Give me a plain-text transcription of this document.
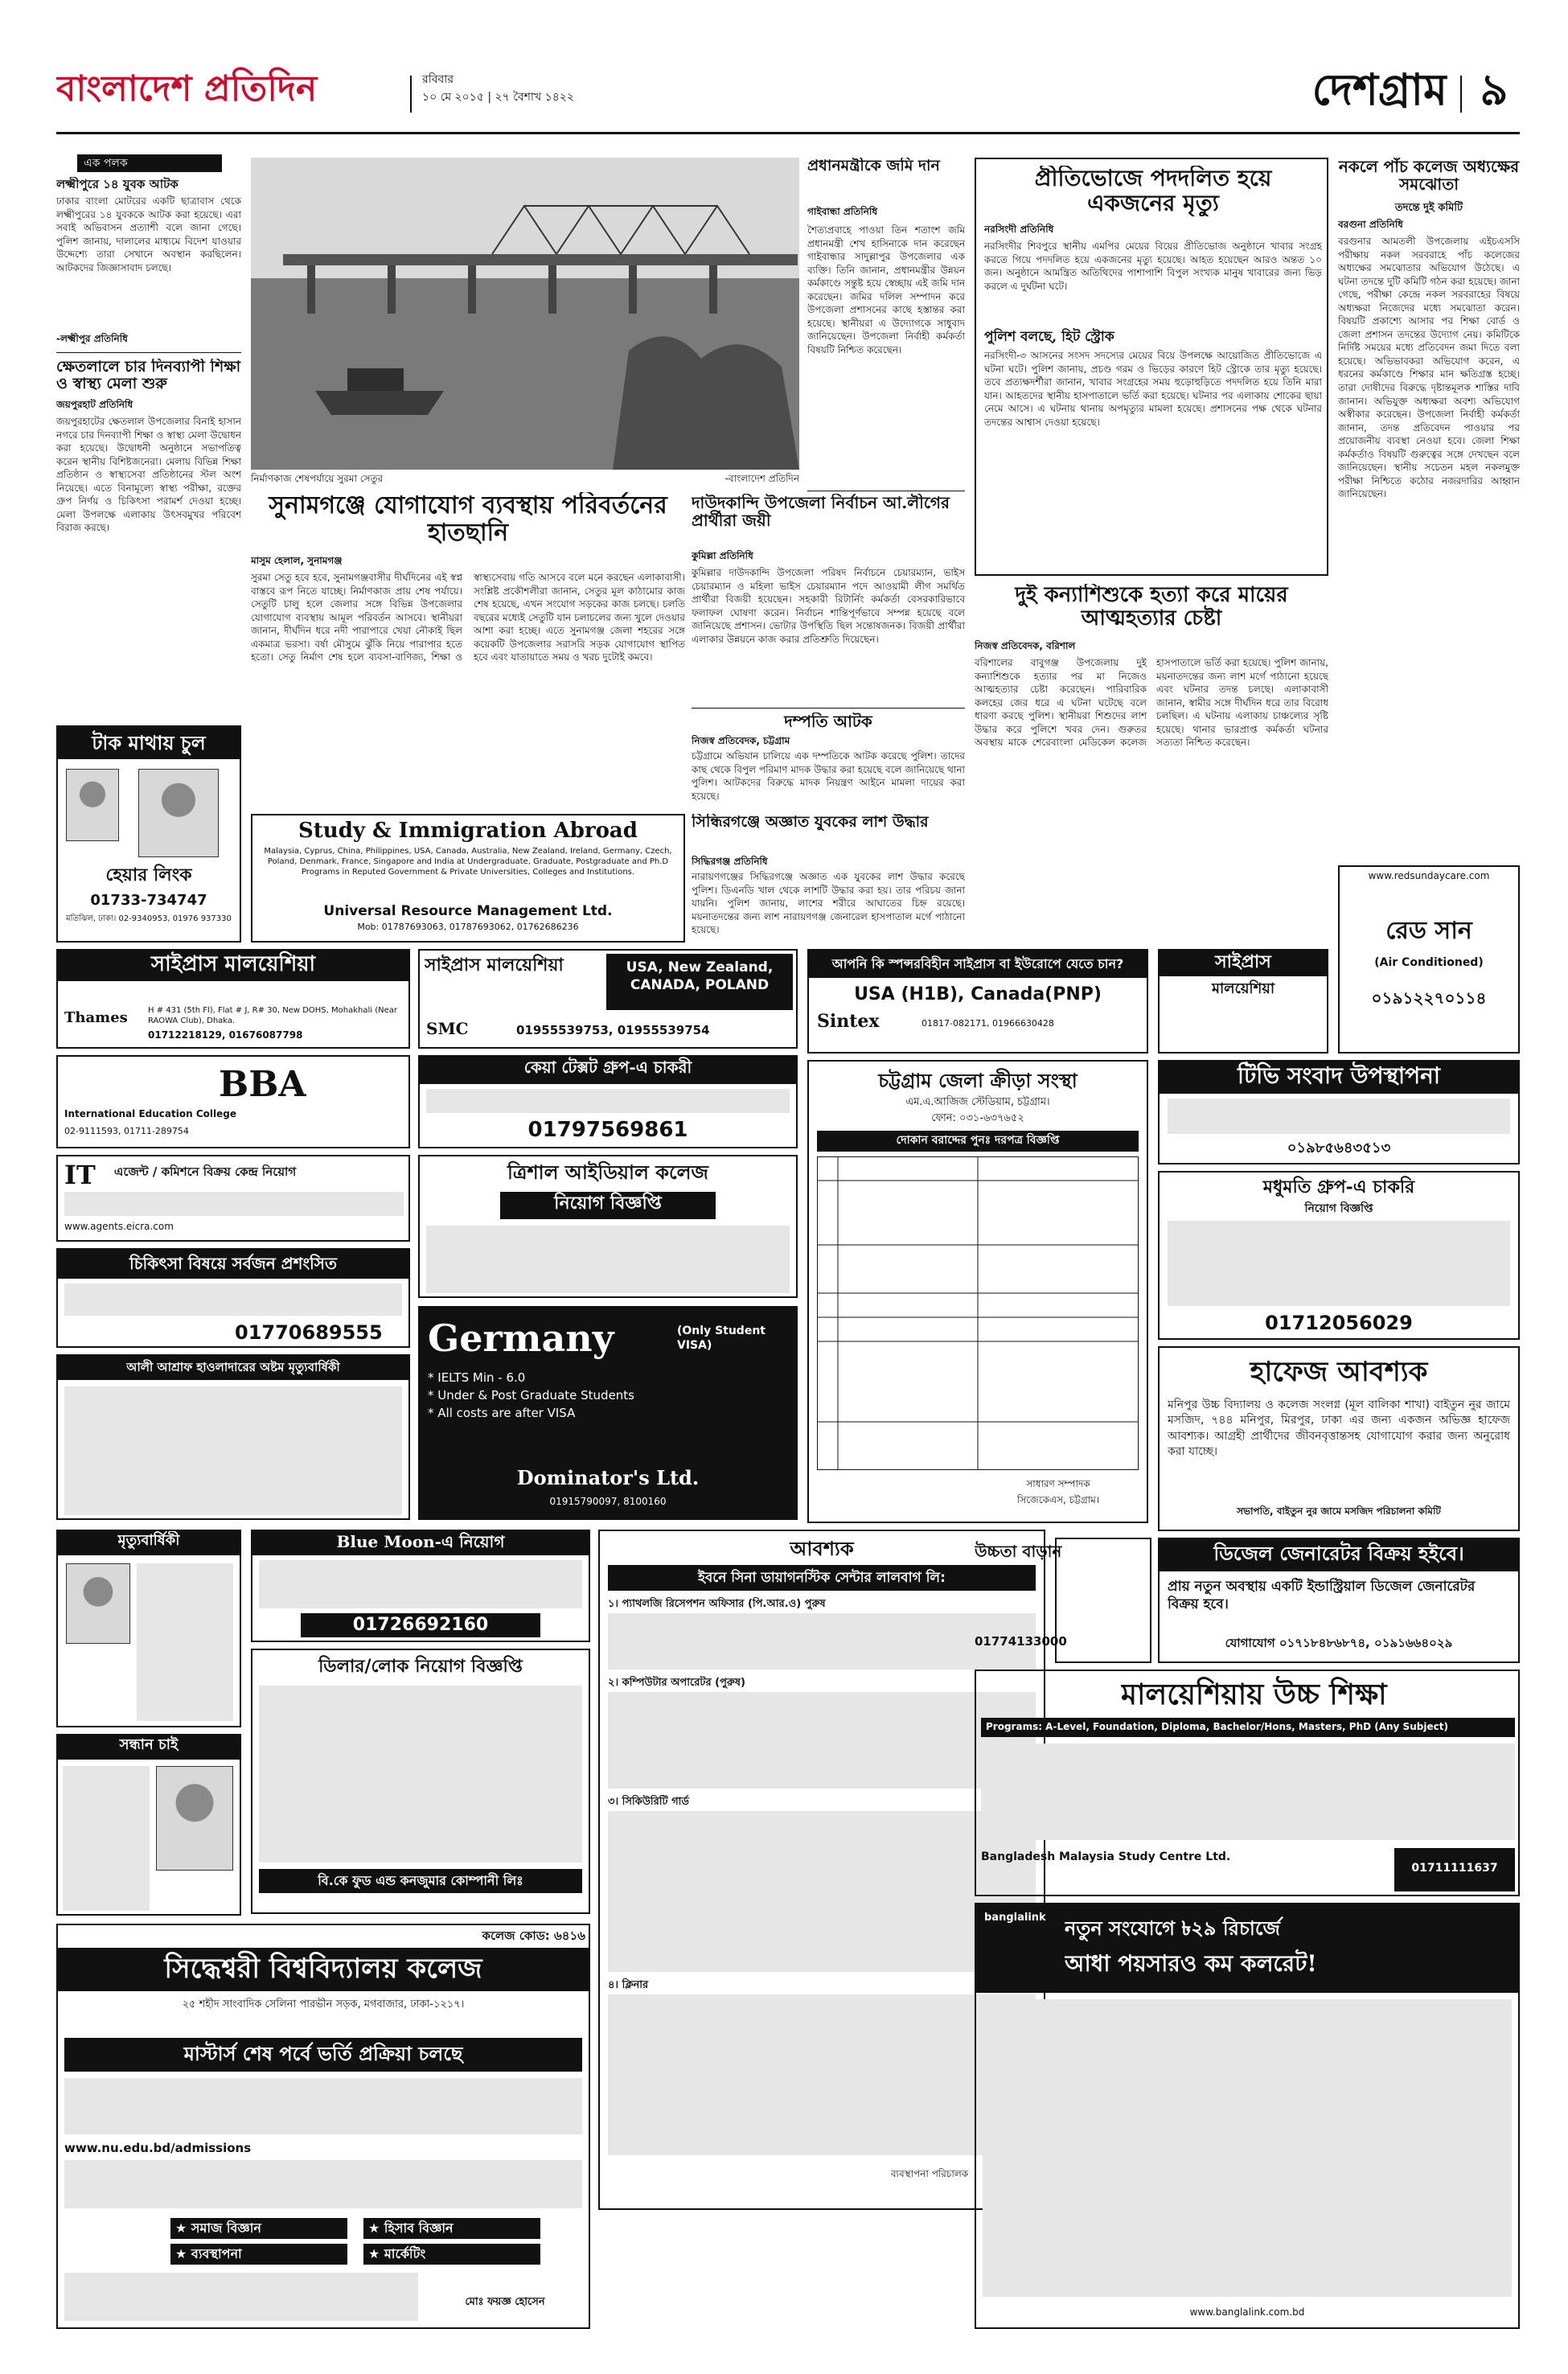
বাংলাদেশ প্রতিদিন	রবিবার
১০ মে ২০১৫ | ২৭ বৈশাখ ১৪২২	দেশগ্রাম ৯
এক পলক
লক্ষ্মীপুরে ১৪ যুবক আটক
ঢাকার বাংলা মোটরের একটি ছাত্রাবাস থেকে লক্ষ্মীপুরের ১৪ যুবককে আটক করা হয়েছে। এরা সবাই অভিবাসন প্রত্যাশী বলে জানা গেছে। পুলিশ জানায়, দালালের মাধ্যমে বিদেশ যাওয়ার উদ্দেশ্যে তারা সেখানে অবস্থান করছিলেন। আটকদের জিজ্ঞাসাবাদ চলছে।
-লক্ষ্মীপুর প্রতিনিধি
ক্ষেতলালে চার দিনব্যাপী শিক্ষা ও স্বাস্থ্য মেলা শুরু
জয়পুরহাট প্রতিনিধি
জয়পুরহাটের ক্ষেতলাল উপজেলার বিনাই হাসান নগরে চার দিনব্যাপী শিক্ষা ও স্বাস্থ্য মেলা উদ্বোধন করা হয়েছে। উদ্বোধনী অনুষ্ঠানে সভাপতিত্ব করেন স্থানীয় বিশিষ্টজনেরা। মেলায় বিভিন্ন শিক্ষা প্রতিষ্ঠান ও স্বাস্থ্যসেবা প্রতিষ্ঠানের স্টল অংশ নিয়েছে। এতে বিনামূল্যে স্বাস্থ্য পরীক্ষা, রক্তের গ্রুপ নির্ণয় ও চিকিৎসা পরামর্শ দেওয়া হচ্ছে। মেলা উপলক্ষে এলাকায় উৎসবমুখর পরিবেশ বিরাজ করছে।
নির্মাণকাজ শেষপর্যায়ে সুরমা সেতুর	-বাংলাদেশ প্রতিদিন
সুনামগঞ্জে যোগাযোগ ব্যবস্থায় পরিবর্তনের হাতছানি
মাসুম হেলাল, সুনামগঞ্জ
সুরমা সেতু হবে হবে, সুনামগঞ্জবাসীর দীর্ঘদিনের এই স্বপ্ন বাস্তবে রূপ নিতে যাচ্ছে। নির্মাণকাজ প্রায় শেষ পর্যায়ে। সেতুটি চালু হলে জেলার সঙ্গে বিভিন্ন উপজেলার যোগাযোগ ব্যবস্থায় আমূল পরিবর্তন আসবে। স্থানীয়রা জানান, দীর্ঘদিন ধরে নদী পারাপারে খেয়া নৌকাই ছিল একমাত্র ভরসা। বর্ষা মৌসুমে ঝুঁকি নিয়ে পারাপার হতে হতো। সেতু নির্মাণ শেষ হলে ব্যবসা-বাণিজ্য, শিক্ষা ও স্বাস্থ্যসেবায় গতি আসবে বলে মনে করছেন এলাকাবাসী। সংশ্লিষ্ট প্রকৌশলীরা জানান, সেতুর মূল কাঠামোর কাজ শেষ হয়েছে, এখন সংযোগ সড়কের কাজ চলছে। চলতি বছরের মধ্যেই সেতুটি যান চলাচলের জন্য খুলে দেওয়ার আশা করা হচ্ছে। এতে সুনামগঞ্জ জেলা শহরের সঙ্গে কয়েকটি উপজেলার সরাসরি সড়ক যোগাযোগ স্থাপিত হবে এবং যাতায়াতে সময় ও খরচ দুটোই কমবে।
প্রধানমন্ত্রীকে জমি দান
গাইবান্ধা প্রতিনিধি
শৈত্যপ্রবাহে পাওয়া তিন শতাংশ জমি প্রধানমন্ত্রী শেখ হাসিনাকে দান করেছেন গাইবান্ধার সাদুল্লাপুর উপজেলার এক ব্যক্তি। তিনি জানান, প্রধানমন্ত্রীর উন্নয়ন কর্মকাণ্ডে সন্তুষ্ট হয়ে স্বেচ্ছায় এই জমি দান করেছেন। জমির দলিল সম্পাদন করে উপজেলা প্রশাসনের কাছে হস্তান্তর করা হয়েছে। স্থানীয়রা এ উদ্যোগকে সাধুবাদ জানিয়েছেন। উপজেলা নির্বাহী কর্মকর্তা বিষয়টি নিশ্চিত করেছেন।
দাউদকান্দি উপজেলা নির্বাচন আ.লীগের প্রার্থীরা জয়ী
কুমিল্লা প্রতিনিধি
কুমিল্লার দাউদকান্দি উপজেলা পরিষদ নির্বাচনে চেয়ারম্যান, ভাইস চেয়ারম্যান ও মহিলা ভাইস চেয়ারম্যান পদে আওয়ামী লীগ সমর্থিত প্রার্থীরা বিজয়ী হয়েছেন। সহকারী রিটার্নিং কর্মকর্তা বেসরকারিভাবে ফলাফল ঘোষণা করেন। নির্বাচন শান্তিপূর্ণভাবে সম্পন্ন হয়েছে বলে জানিয়েছে প্রশাসন। ভোটার উপস্থিতি ছিল সন্তোষজনক। বিজয়ী প্রার্থীরা এলাকার উন্নয়নে কাজ করার প্রতিশ্রুতি দিয়েছেন।
দম্পতি আটক
নিজস্ব প্রতিবেদক, চট্টগ্রাম
চট্টগ্রামে অভিযান চালিয়ে এক দম্পতিকে আটক করেছে পুলিশ। তাদের কাছ থেকে বিপুল পরিমাণ মাদক উদ্ধার করা হয়েছে বলে জানিয়েছে থানা পুলিশ। আটকদের বিরুদ্ধে মাদক নিয়ন্ত্রণ আইনে মামলা দায়ের করা হয়েছে।
প্রীতিভোজে পদদলিত হয়ে একজনের মৃত্যু
নরসিংদী প্রতিনিধি
নরসিংদীর শিবপুরে স্থানীয় এমপির মেয়ের বিয়ের প্রীতিভোজ অনুষ্ঠানে খাবার সংগ্রহ করতে গিয়ে পদদলিত হয়ে একজনের মৃত্যু হয়েছে। আহত হয়েছেন আরও অন্তত ১০ জন। অনুষ্ঠানে আমন্ত্রিত অতিথিদের পাশাপাশি বিপুল সংখ্যক মানুষ খাবারের জন্য ভিড় করলে এ দুর্ঘটনা ঘটে।
পুলিশ বলছে, হিট স্ট্রোক
নরসিংদী-৩ আসনের সংসদ সদস্যের মেয়ের বিয়ে উপলক্ষে আয়োজিত প্রীতিভোজে এ ঘটনা ঘটে। পুলিশ জানায়, প্রচণ্ড গরম ও ভিড়ের কারণে হিট স্ট্রোকে তার মৃত্যু হয়েছে। তবে প্রত্যক্ষদর্শীরা জানান, খাবার সংগ্রহের সময় হুড়োহুড়িতে পদদলিত হয়ে তিনি মারা যান। আহতদের স্থানীয় হাসপাতালে ভর্তি করা হয়েছে। ঘটনার পর এলাকায় শোকের ছায়া নেমে আসে। এ ঘটনায় থানায় অপমৃত্যুর মামলা হয়েছে। প্রশাসনের পক্ষ থেকে ঘটনার তদন্তের আশ্বাস দেওয়া হয়েছে।
দুই কন্যাশিশুকে হত্যা করে মায়ের আত্মহত্যার চেষ্টা
নিজস্ব প্রতিবেদক, বরিশাল
বরিশালের বাবুগঞ্জ উপজেলায় দুই কন্যাশিশুকে হত্যার পর মা নিজেও আত্মহত্যার চেষ্টা করেছেন। পারিবারিক কলহের জের ধরে এ ঘটনা ঘটেছে বলে ধারণা করছে পুলিশ। স্থানীয়রা শিশুদের লাশ উদ্ধার করে পুলিশে খবর দেন। গুরুতর অবস্থায় মাকে শেরেবাংলা মেডিকেল কলেজ হাসপাতালে ভর্তি করা হয়েছে। পুলিশ জানায়, ময়নাতদন্তের জন্য লাশ মর্গে পাঠানো হয়েছে এবং ঘটনার তদন্ত চলছে। এলাকাবাসী জানান, স্বামীর সঙ্গে দীর্ঘদিন ধরে তার বিরোধ চলছিল। এ ঘটনায় এলাকায় চাঞ্চল্যের সৃষ্টি হয়েছে। থানার ভারপ্রাপ্ত কর্মকর্তা ঘটনার সত্যতা নিশ্চিত করেছেন।
নকলে পাঁচ কলেজ অধ্যক্ষের সমঝোতা
তদন্তে দুই কমিটি
বরগুনা প্রতিনিধি
বরগুনার আমতলী উপজেলায় এইচএসসি পরীক্ষায় নকল সরবরাহে পাঁচ কলেজের অধ্যক্ষের সমঝোতার অভিযোগ উঠেছে। এ ঘটনা তদন্তে দুটি কমিটি গঠন করা হয়েছে। জানা গেছে, পরীক্ষা কেন্দ্রে নকল সরবরাহের বিষয়ে অধ্যক্ষরা নিজেদের মধ্যে সমঝোতা করেন। বিষয়টি প্রকাশ্যে আসার পর শিক্ষা বোর্ড ও জেলা প্রশাসন তদন্তের উদ্যোগ নেয়। কমিটিকে নির্দিষ্ট সময়ের মধ্যে প্রতিবেদন জমা দিতে বলা হয়েছে। অভিভাবকরা অভিযোগ করেন, এ ধরনের কর্মকাণ্ডে শিক্ষার মান ক্ষতিগ্রস্ত হচ্ছে। তারা দোষীদের বিরুদ্ধে দৃষ্টান্তমূলক শাস্তির দাবি জানান। অভিযুক্ত অধ্যক্ষরা অবশ্য অভিযোগ অস্বীকার করেছেন। উপজেলা নির্বাহী কর্মকর্তা জানান, তদন্ত প্রতিবেদন পাওয়ার পর প্রয়োজনীয় ব্যবস্থা নেওয়া হবে। জেলা শিক্ষা কর্মকর্তাও বিষয়টি গুরুত্বের সঙ্গে দেখছেন বলে জানিয়েছেন। স্থানীয় সচেতন মহল নকলমুক্ত পরীক্ষা নিশ্চিতে কঠোর নজরদারির আহ্বান জানিয়েছেন।
টাক মাথায় চুল
হেয়ার লিংক
01733-734747
মতিঝিল, ঢাকা। 02-9340953, 01976 937330
Study & Immigration Abroad
Malaysia, Cyprus, China, Philippines, USA, Canada, Australia, New Zealand, Ireland, Germany, Czech, Poland, Denmark, France, Singapore and India at Undergraduate, Graduate, Postgraduate and Ph.D Programs in Reputed Government & Private Universities, Colleges and Institutions.
Universal Resource Management Ltd.
Mob: 01787693063, 01787693062, 01762686236
সিন্ধিরগঞ্জে অজ্ঞাত যুবকের লাশ উদ্ধার
সিদ্ধিরগঞ্জ প্রতিনিধি
নারায়ণগঞ্জের সিদ্ধিরগঞ্জে অজ্ঞাত এক যুবকের লাশ উদ্ধার করেছে পুলিশ। ডিএনডি খাল থেকে লাশটি উদ্ধার করা হয়। তার পরিচয় জানা যায়নি। পুলিশ জানায়, লাশের শরীরে আঘাতের চিহ্ন রয়েছে। ময়নাতদন্তের জন্য লাশ নারায়ণগঞ্জ জেনারেল হাসপাতাল মর্গে পাঠানো হয়েছে।
আপনি কি স্পন্সরবিহীন সাইপ্রাস বা ইউরোপে যেতে চান?
USA (H1B), Canada(PNP)
Sintex	01817-082171, 01966630428
সাইপ্রাস
মালয়েশিয়া
www.redsundaycare.com
রেড সান
(Air Conditioned)
০১৯১২২৭০১১৪
সাইপ্রাস মালয়েশিয়া
Thames	H # 431 (5th Fl), Flat # J, R# 30, New DOHS, Mohakhali (Near RAOWA Club), Dhaka.
01712218129, 01676087798
সাইপ্রাস মালয়েশিয়া	USA, New Zealand, CANADA, POLAND
SMC	01955539753, 01955539754
BBA
International Education College
02-9111593, 01711-289754
কেয়া টেক্সট গ্রুপ-এ চাকরী
01797569861
চট্টগ্রাম জেলা ক্রীড়া সংস্থা
এম.এ.আজিজ স্টেডিয়াম, চট্টগ্রাম।
ফোন: ০৩১-৬৩৭৬৫২
দোকান বরাদ্দের পুনঃ দরপত্র বিজ্ঞপ্তি
সাধারণ সম্পাদক
সিজেকেএস, চট্টগ্রাম।
টিভি সংবাদ উপস্থাপনা
০১৯৮৫৬৪৩৫১৩
IT	এজেন্ট / কমিশনে বিক্রয় কেন্দ্র নিয়োগ
www.agents.eicra.com
ত্রিশাল আইডিয়াল কলেজ
নিয়োগ বিজ্ঞপ্তি
মধুমতি গ্রুপ-এ চাকরি
নিয়োগ বিজ্ঞপ্তি
01712056029
চিকিৎসা বিষয়ে সর্বজন প্রশংসিত
01770689555	Germany	(Only Student VISA)
* IELTS Min - 6.0
* Under & Post Graduate Students
* All costs are after VISA
Dominator's Ltd.
01915790097, 8100160
হাফেজ আবশ্যক
মনিপুর উচ্চ বিদ্যালয় ও কলেজ সংলগ্ন (মূল বালিকা শাখা) বাইতুন নুর জামে মসজিদ, ৭৪৪ মনিপুর, মিরপুর, ঢাকা এর জন্য একজন অভিজ্ঞ হাফেজ আবশ্যক। আগ্রহী প্রার্থীদের জীবনবৃত্তান্তসহ যোগাযোগ করার জন্য অনুরোধ করা যাচ্ছে।
সভাপতি, বাইতুন নুর জামে মসজিদ পরিচালনা কমিটি
আলী আশ্রাফ হাওলাদারের অষ্টম মৃত্যুবার্ষিকী
ডিজেল জেনারেটর বিক্রয় হইবে।
প্রায় নতুন অবস্থায় একটি ইন্ডাস্ট্রিয়াল ডিজেল জেনারেটর বিক্রয় হবে।
যোগাযোগ ০১৭১৮৪৮৬৮৭৪, ০১৯১৬৬৪০২৯
মৃত্যুবার্ষিকী	Blue Moon-এ নিয়োগ
01726692160
আবশ্যক
ইবনে সিনা ডায়াগনস্টিক সেন্টার লালবাগ লি:
১। প্যাথলজি রিসেপশন অফিসার (পি.আর.ও) পুরুষ
২। কম্পিউটার অপারেটর (পুরুষ)
৩। সিকিউরিটি গার্ড
৪। ক্লিনার
ব্যবস্থাপনা পরিচালক
উচ্চতা বাড়ান
01774133000
মালয়েশিয়ায় উচ্চ শিক্ষা
Programs: A-Level, Foundation, Diploma, Bachelor/Hons, Masters, PhD (Any Subject)
Bangladesh Malaysia Study Centre Ltd.
01711111637
ডিলার/লোক নিয়োগ বিজ্ঞপ্তি
বি.কে ফুড এন্ড কনজুমার কোম্পানী লিঃ
সন্ধান চাই
banglalink নতুন সংযোগে ৳২৯ রিচার্জে
আধা পয়সারও কম কলরেট!
www.banglalink.com.bd
কলেজ কোড: ৬৪১৬
সিদ্ধেশ্বরী বিশ্ববিদ্যালয় কলেজ
২৫ শহীদ সাংবাদিক সেলিনা পারভীন সড়ক, মগবাজার, ঢাকা-১২১৭।
মাস্টার্স শেষ পর্বে ভর্তি প্রক্রিয়া চলছে
www.nu.edu.bd/admissions
★ সমাজ বিজ্ঞান	★ হিসাব বিজ্ঞান
★ ব্যবস্থাপনা	★ মার্কেটিং
মোঃ ফয়জ্ঞ হোসেন
